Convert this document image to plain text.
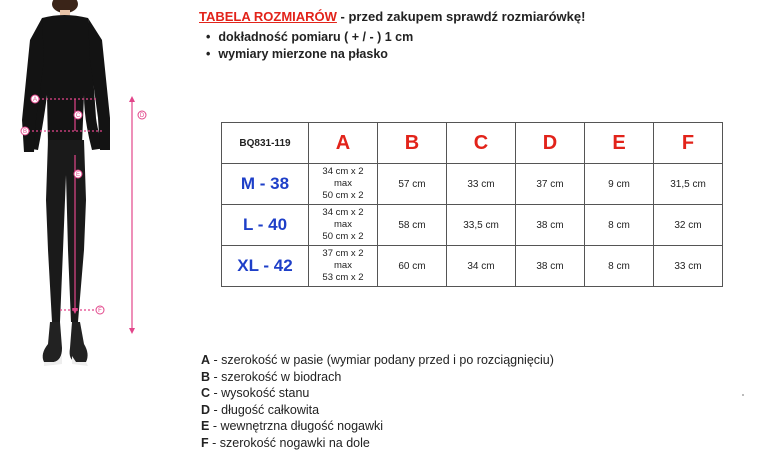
A
B
C	D
E
F
TABELA ROZMIARÓW - przed zakupem sprawdź rozmiarówkę!
• dokładność pomiaru ( + / - ) 1 cm
• wymiary mierzone na płasko
BQ831-119	A	B	C	D	E	F
M - 38	34 cm x 2
max
50 cm x 2	57 cm	33 cm	37 cm	9 cm	31,5 cm
L - 40	34 cm x 2
max
50 cm x 2	58 cm	33,5 cm	38 cm	8 cm	32 cm
XL - 42	37 cm x 2
max
53 cm x 2	60 cm	34 cm	38 cm	8 cm	33 cm
A - szerokość w pasie (wymiar podany przed i po rozciągnięciu)
B - szerokość w biodrach
C - wysokość stanu
D - długość całkowita
E - wewnętrzna długość nogawki
F - szerokość nogawki na dole
